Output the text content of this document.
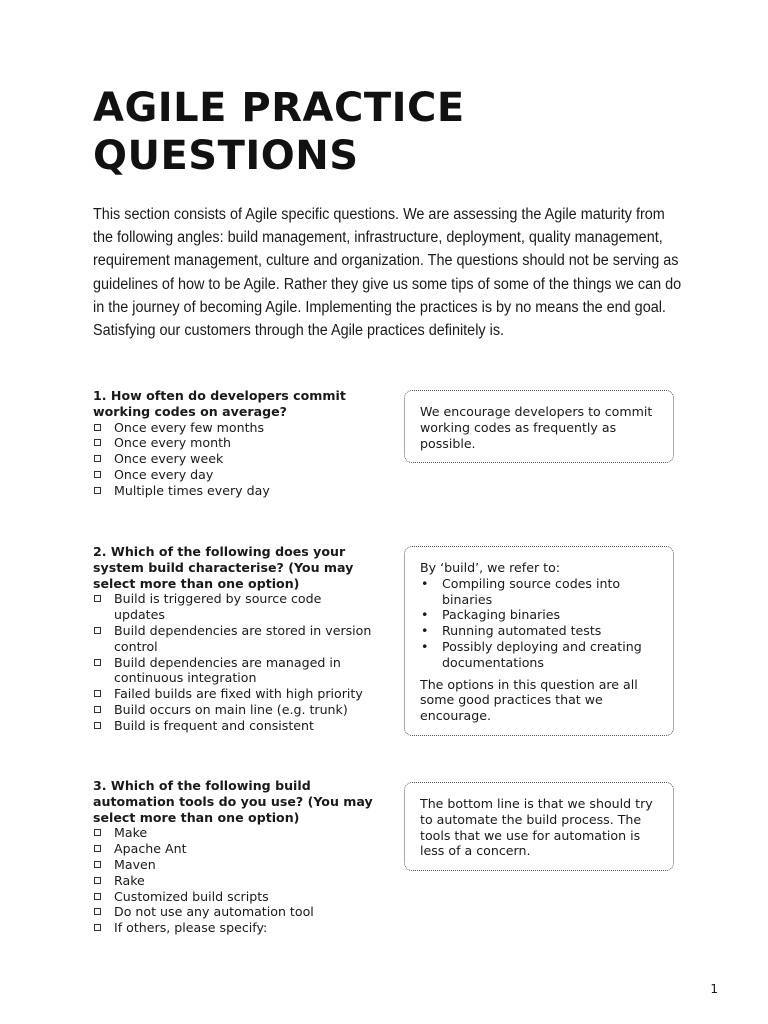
AGILE PRACTICE
QUESTIONS

This section consists of Agile specific questions. We are assessing the Agile maturity from the following angles: build management, infrastructure, deployment, quality management, requirement management, culture and organization. The questions should not be serving as guidelines of how to be Agile. Rather they give us some tips of some of the things we can do in the journey of becoming Agile. Implementing the practices is by no means the end goal. Satisfying our customers through the Agile practices definitely is.

1. How often do developers commit working codes on average?

Once every few months
Once every month
Once every week
Once every day
Multiple times every day

We encourage developers to commit working codes as frequently as possible.

2. Which of the following does your system build characterise? (You may select more than one option)

Build is triggered by source code updates
Build dependencies are stored in version control
Build dependencies are managed in continuous integration
Failed builds are fixed with high priority
Build occurs on main line (e.g. trunk)
Build is frequent and consistent

By ‘build’, we refer to:

• Compiling source codes into binaries
• Packaging binaries
• Running automated tests
• Possibly deploying and creating documentations

The options in this question are all some good practices that we encourage.

3. Which of the following build automation tools do you use? (You may select more than one option)

Make
Apache Ant
Maven
Rake
Customized build scripts
Do not use any automation tool
If others, please specify:

The bottom line is that we should try to automate the build process. The tools that we use for automation is less of a concern.

1
